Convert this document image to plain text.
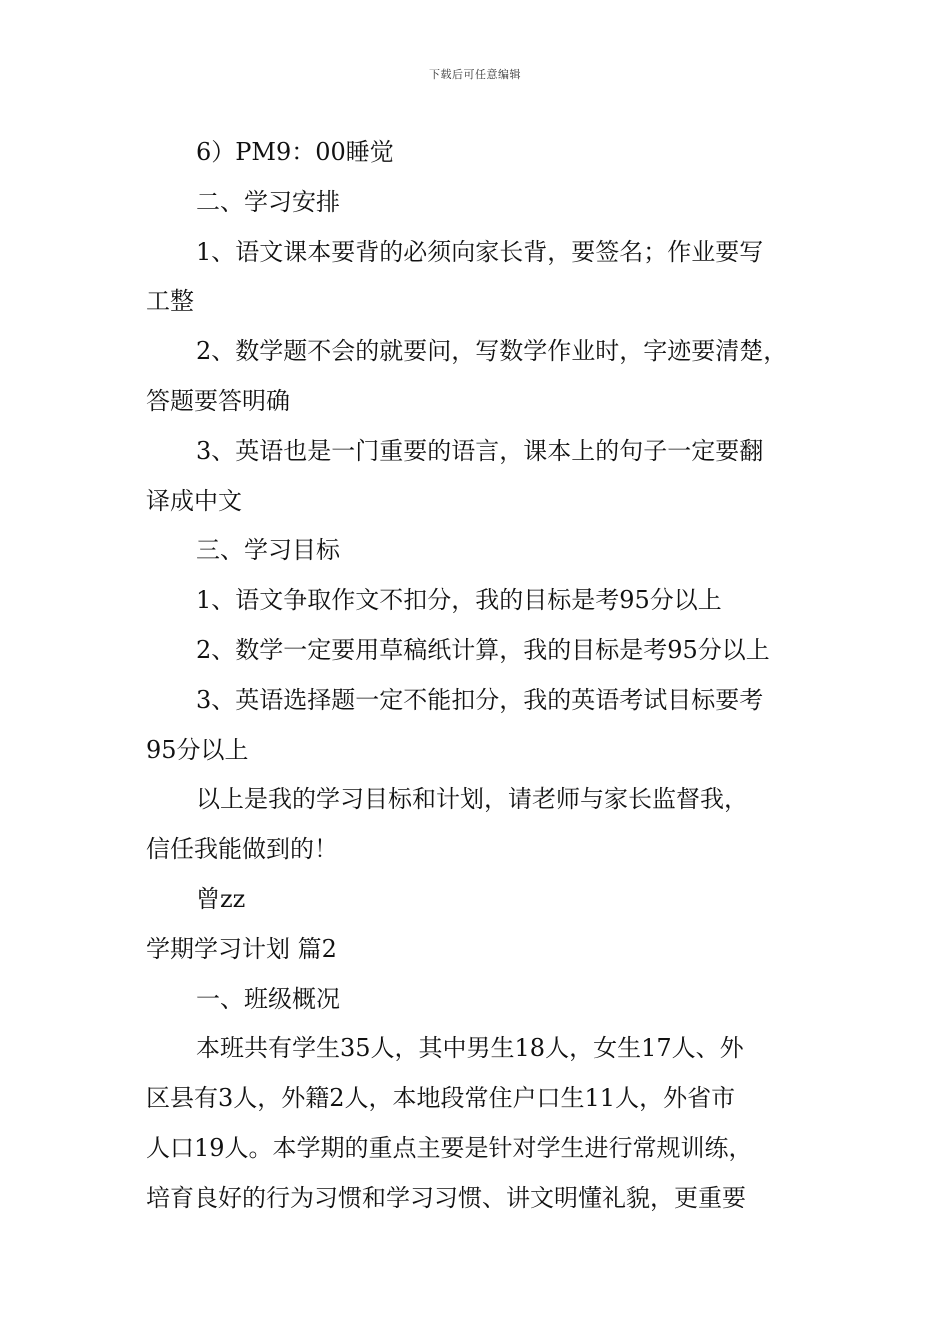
下载后可任意编辑
6）PM9：00睡觉
二、学习安排
1、语文课本要背的必须向家长背，要签名；作业要写
工整
2、数学题不会的就要问，写数学作业时，字迹要清楚，
答题要答明确
3、英语也是一门重要的语言，课本上的句子一定要翻
译成中文
三、学习目标
1、语文争取作文不扣分，我的目标是考95分以上
2、数学一定要用草稿纸计算，我的目标是考95分以上
3、英语选择题一定不能扣分，我的英语考试目标要考
95分以上
以上是我的学习目标和计划，请老师与家长监督我，
信任我能做到的！
曾zz
学期学习计划 篇2
一、班级概况
本班共有学生35人，其中男生18人，女生17人、外
区县有3人，外籍2人，本地段常住户口生11人，外省市
人口19人。本学期的重点主要是针对学生进行常规训练，
培育良好的行为习惯和学习习惯、讲文明懂礼貌，更重要
